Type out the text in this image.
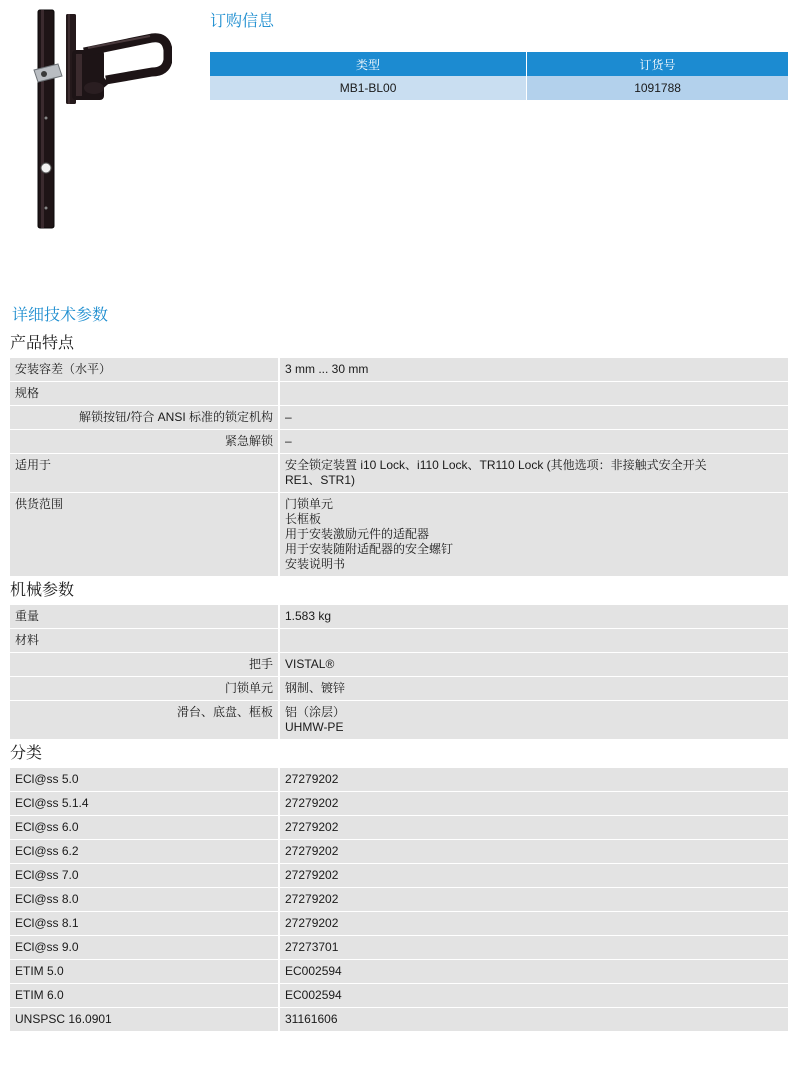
订购信息
类型	订货号
MB1-BL00	1091788
详细技术参数
产品特点
安装容差（水平）	3 mm ... 30 mm
规格
解锁按钮/符合 ANSI 标准的锁定机构	–
紧急解锁	–
适用于	安全锁定装置 i10 Lock、i110 Lock、TR110 Lock (其他选项：非接触式安全开关
RE1、STR1)
供货范围	门锁单元
长框板
用于安装激励元件的适配器
用于安装随附适配器的安全螺钉
安装说明书
机械参数
重量	1.583 kg
材料
把手	VISTAL®
门锁单元	钢制、镀锌
滑台、底盘、框板	铝（涂层）
UHMW-PE
分类
ECl@ss 5.0	27279202
ECl@ss 5.1.4	27279202
ECl@ss 6.0	27279202
ECl@ss 6.2	27279202
ECl@ss 7.0	27279202
ECl@ss 8.0	27279202
ECl@ss 8.1	27279202
ECl@ss 9.0	27273701
ETIM 5.0	EC002594
ETIM 6.0	EC002594
UNSPSC 16.0901	31161606
